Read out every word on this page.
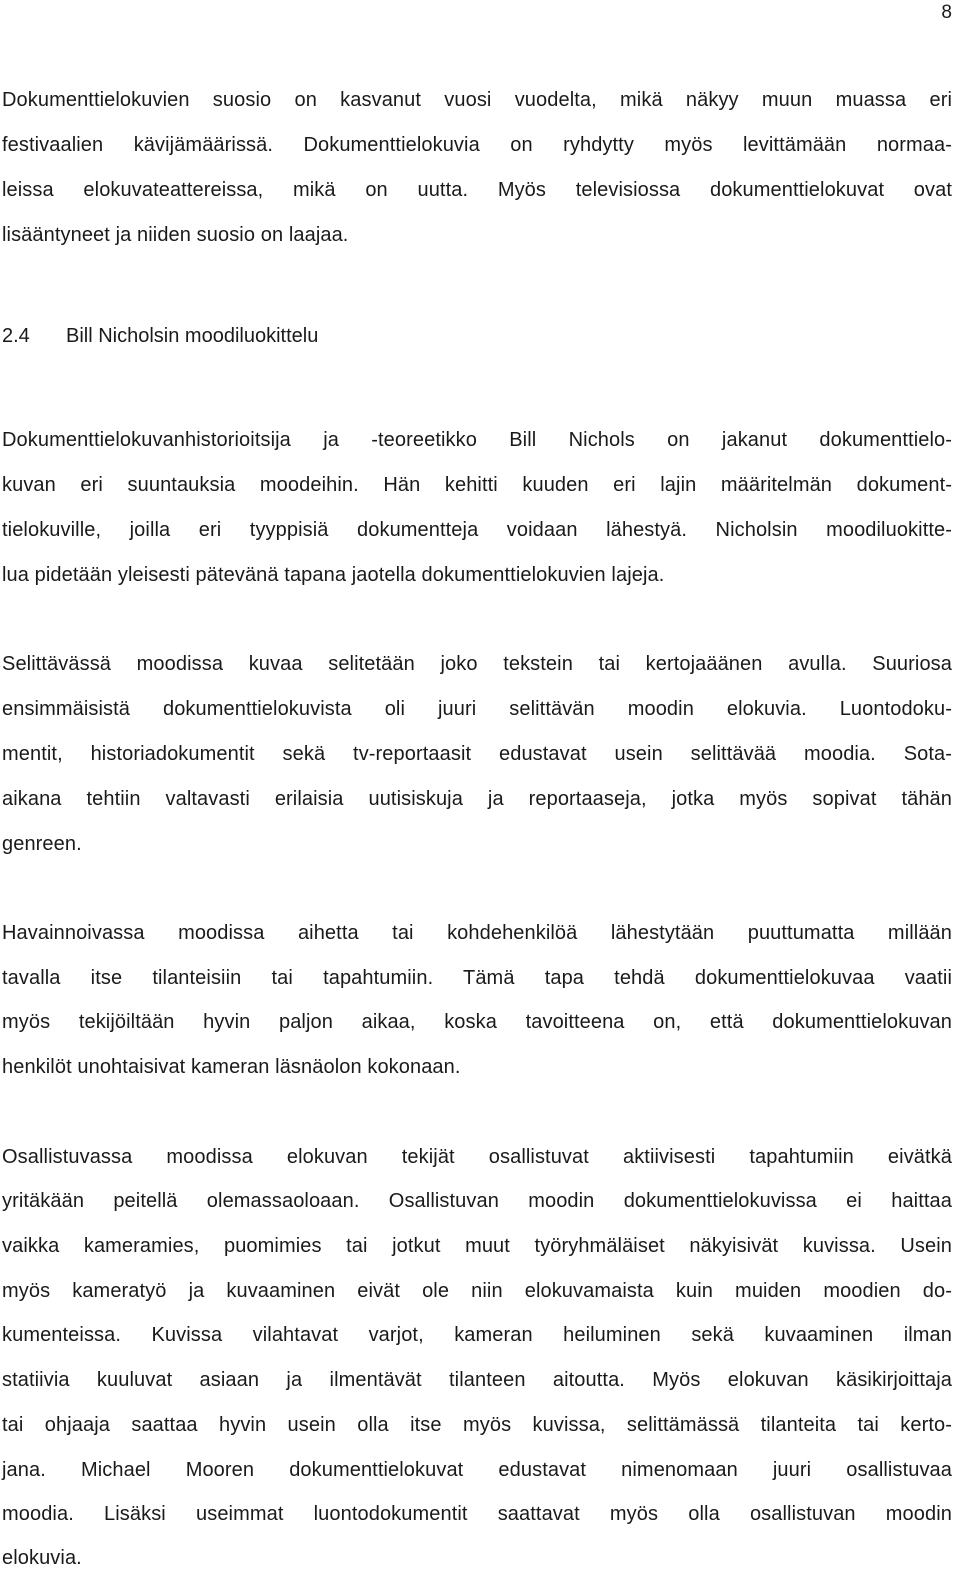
8
Dokumenttielokuvien suosio on kasvanut vuosi vuodelta, mikä näkyy muun muassa eri
festivaalien kävijämäärissä. Dokumenttielokuvia on ryhdytty myös levittämään normaa-
leissa elokuvateattereissa, mikä on uutta. Myös televisiossa dokumenttielokuvat ovat
lisääntyneet ja niiden suosio on laajaa.
2.4 Bill Nicholsin moodiluokittelu
Dokumenttielokuvanhistorioitsija ja -teoreetikko Bill Nichols on jakanut dokumenttielo-
kuvan eri suuntauksia moodeihin. Hän kehitti kuuden eri lajin määritelmän dokument-
tielokuville, joilla eri tyyppisiä dokumentteja voidaan lähestyä. Nicholsin moodiluokitte-
lua pidetään yleisesti pätevänä tapana jaotella dokumenttielokuvien lajeja.
Selittävässä moodissa kuvaa selitetään joko tekstein tai kertojaäänen avulla. Suuriosa
ensimmäisistä dokumenttielokuvista oli juuri selittävän moodin elokuvia. Luontodoku-
mentit, historiadokumentit sekä tv-reportaasit edustavat usein selittävää moodia. Sota-
aikana tehtiin valtavasti erilaisia uutisiskuja ja reportaaseja, jotka myös sopivat tähän
genreen.
Havainnoivassa moodissa aihetta tai kohdehenkilöä lähestytään puuttumatta millään
tavalla itse tilanteisiin tai tapahtumiin. Tämä tapa tehdä dokumenttielokuvaa vaatii
myös tekijöiltään hyvin paljon aikaa, koska tavoitteena on, että dokumenttielokuvan
henkilöt unohtaisivat kameran läsnäolon kokonaan.
Osallistuvassa moodissa elokuvan tekijät osallistuvat aktiivisesti tapahtumiin eivätkä
yritäkään peitellä olemassaoloaan. Osallistuvan moodin dokumenttielokuvissa ei haittaa
vaikka kameramies, puomimies tai jotkut muut työryhmäläiset näkyisivät kuvissa. Usein
myös kameratyö ja kuvaaminen eivät ole niin elokuvamaista kuin muiden moodien do-
kumenteissa. Kuvissa vilahtavat varjot, kameran heiluminen sekä kuvaaminen ilman
statiivia kuuluvat asiaan ja ilmentävät tilanteen aitoutta. Myös elokuvan käsikirjoittaja
tai ohjaaja saattaa hyvin usein olla itse myös kuvissa, selittämässä tilanteita tai kerto-
jana. Michael Mooren dokumenttielokuvat edustavat nimenomaan juuri osallistuvaa
moodia. Lisäksi useimmat luontodokumentit saattavat myös olla osallistuvan moodin
elokuvia.
